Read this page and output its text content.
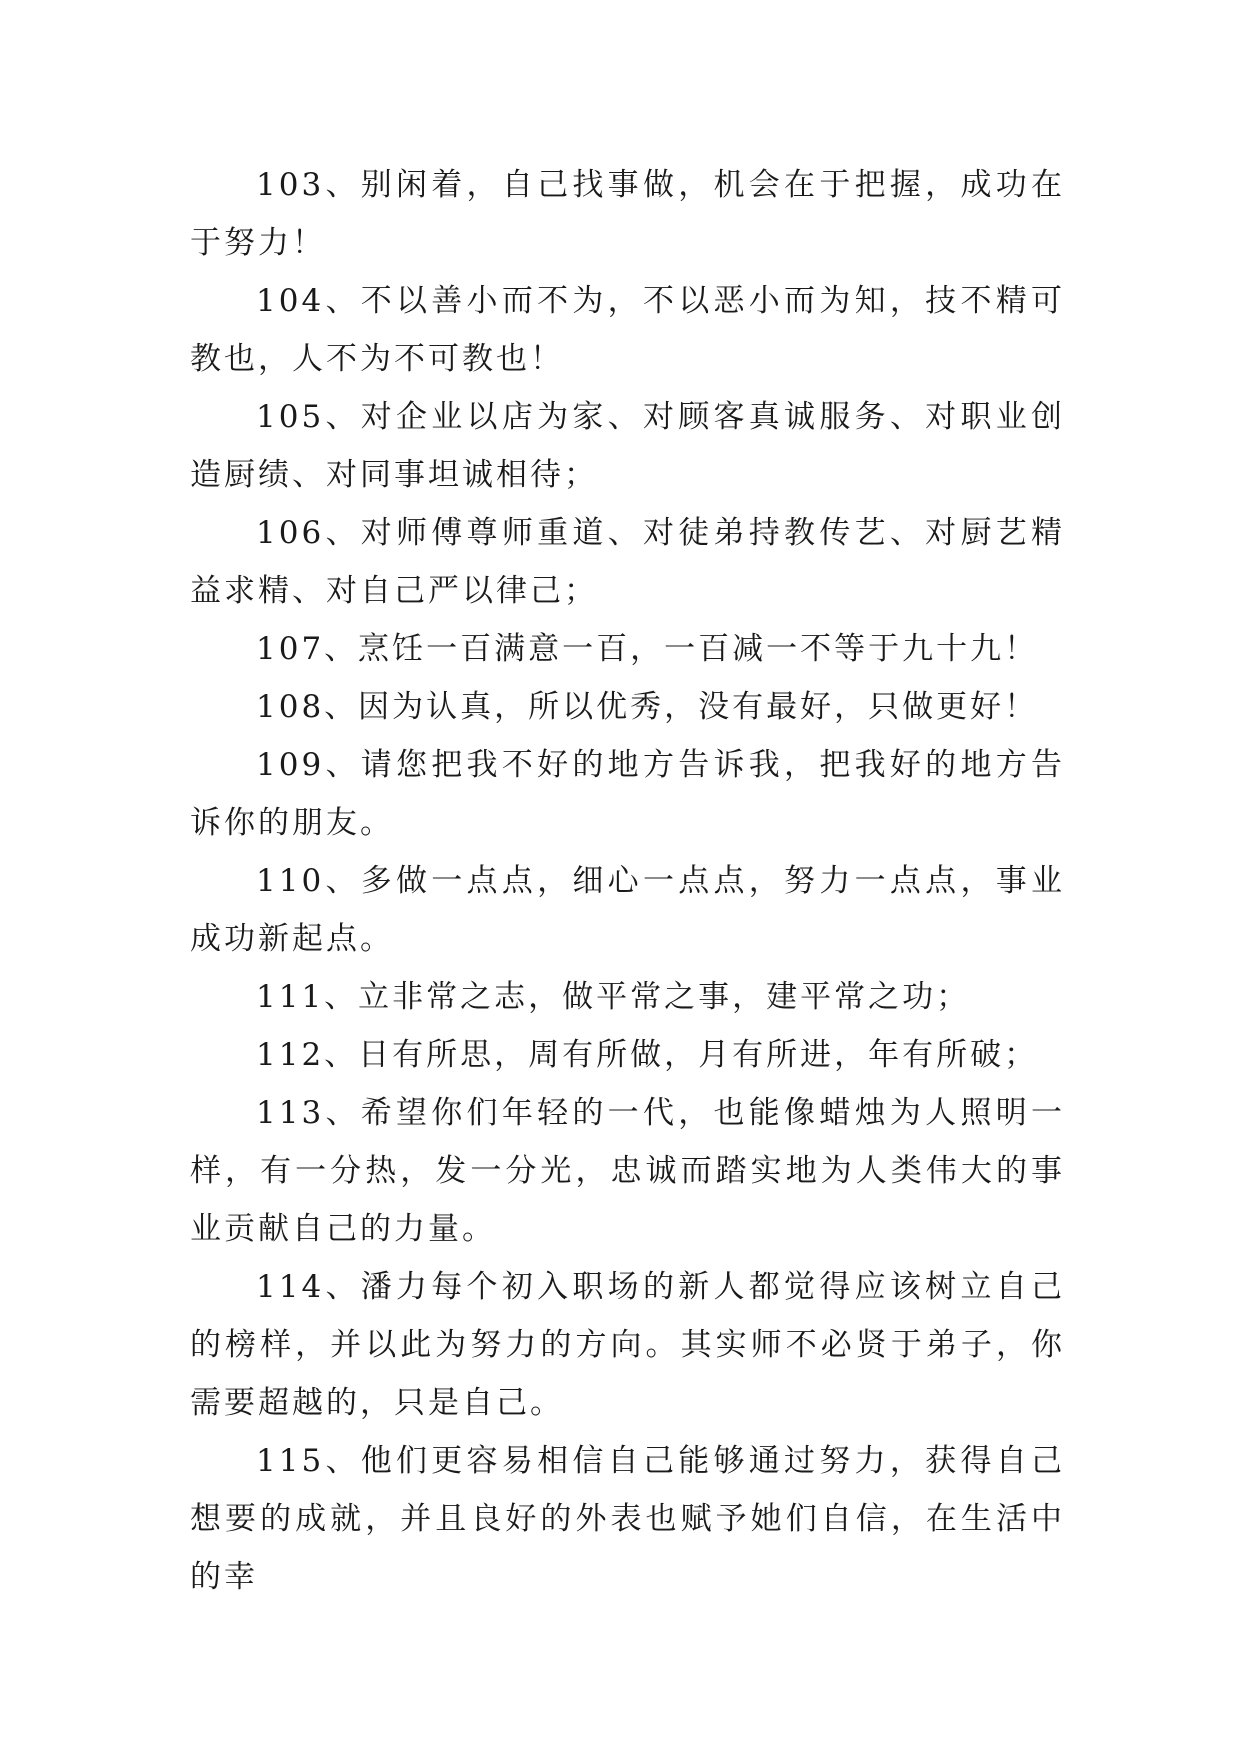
103、别闲着，自己找事做，机会在于把握，成功在于努力！

104、不以善小而不为，不以恶小而为知，技不精可教也，人不为不可教也！

105、对企业以店为家、对顾客真诚服务、对职业创造厨绩、对同事坦诚相待；

106、对师傅尊师重道、对徒弟持教传艺、对厨艺精益求精、对自己严以律己；

107、烹饪一百满意一百，一百减一不等于九十九！

108、因为认真，所以优秀，没有最好，只做更好！

109、请您把我不好的地方告诉我，把我好的地方告诉你的朋友。

110、多做一点点，细心一点点，努力一点点，事业成功新起点。

111、立非常之志，做平常之事，建平常之功；

112、日有所思，周有所做，月有所进，年有所破；

113、希望你们年轻的一代，也能像蜡烛为人照明一样，有一分热，发一分光，忠诚而踏实地为人类伟大的事业贡献自己的力量。

114、潘力每个初入职场的新人都觉得应该树立自己的榜样，并以此为努力的方向。其实师不必贤于弟子，你需要超越的，只是自己。

115、他们更容易相信自己能够通过努力，获得自己想要的成就，并且良好的外表也赋予她们自信，在生活中的幸
